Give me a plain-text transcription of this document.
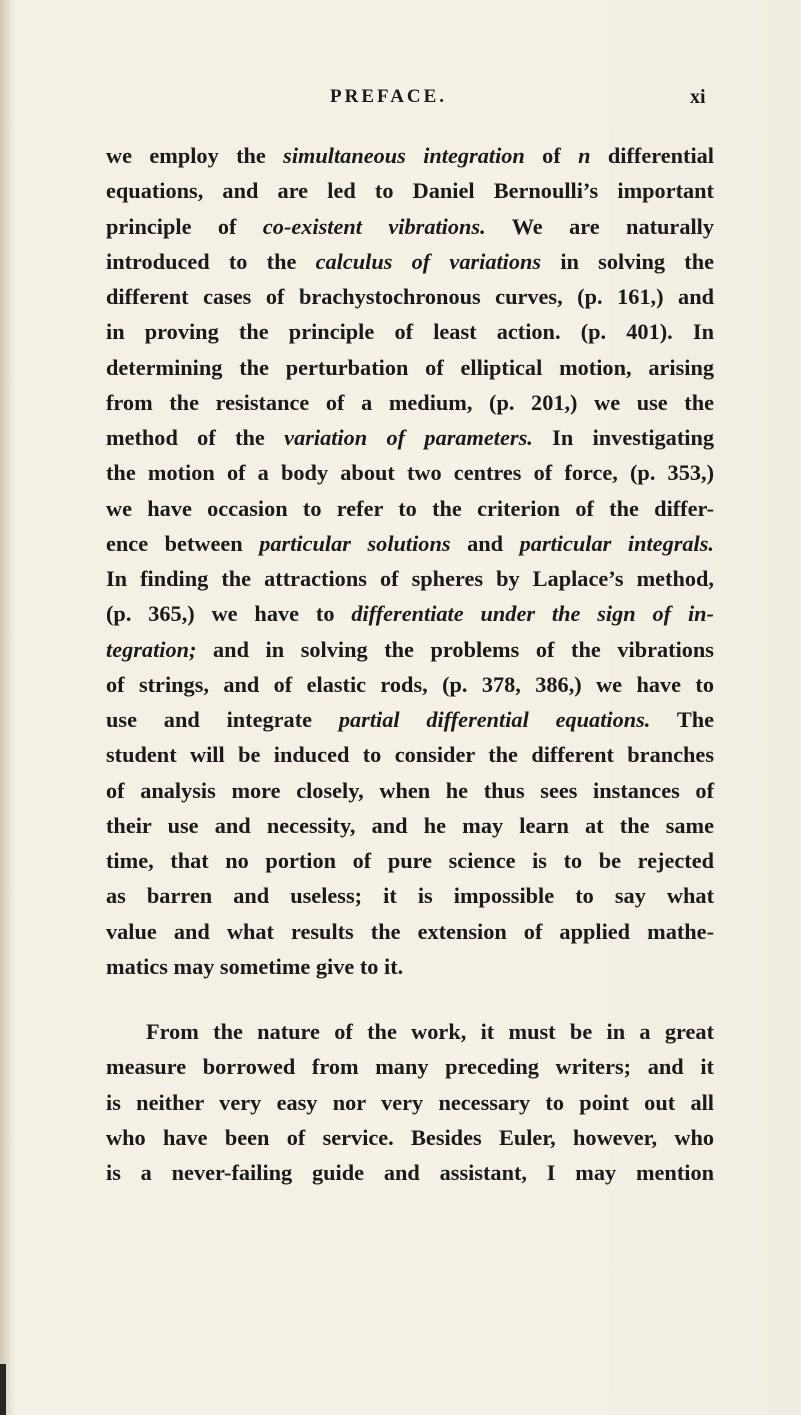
PREFACE.	xi
we employ the simultaneous integration of n differential
equations, and are led to Daniel Bernoulli’s important
principle of co-existent vibrations. We are naturally
introduced to the calculus of variations in solving the
different cases of brachystochronous curves, (p. 161,) and
in proving the principle of least action. (p. 401). In
determining the perturbation of elliptical motion, arising
from the resistance of a medium, (p. 201,) we use the
method of the variation of parameters. In investigating
the motion of a body about two centres of force, (p. 353,)
we have occasion to refer to the criterion of the differ-
ence between particular solutions and particular integrals.
In finding the attractions of spheres by Laplace’s method,
(p. 365,) we have to differentiate under the sign of in-
tegration; and in solving the problems of the vibrations
of strings, and of elastic rods, (p. 378, 386,) we have to
use and integrate partial differential equations. The
student will be induced to consider the different branches
of analysis more closely, when he thus sees instances of
their use and necessity, and he may learn at the same
time, that no portion of pure science is to be rejected
as barren and useless; it is impossible to say what
value and what results the extension of applied mathe-
matics may sometime give to it.
From the nature of the work, it must be in a great
measure borrowed from many preceding writers; and it
is neither very easy nor very necessary to point out all
who have been of service. Besides Euler, however, who
is a never-failing guide and assistant, I may mention
